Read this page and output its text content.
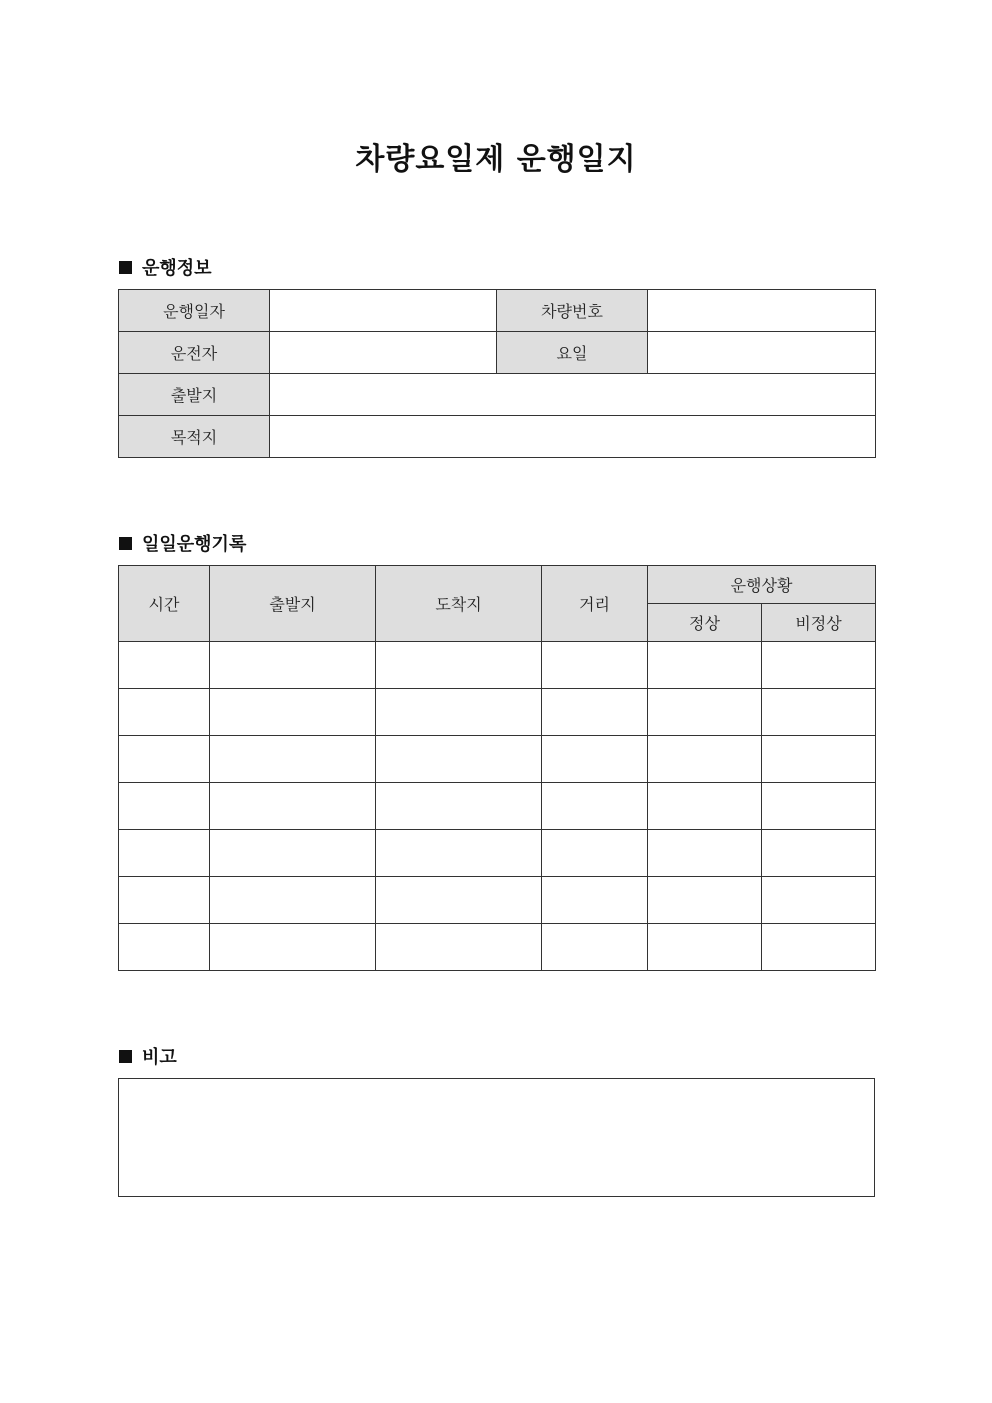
차량요일제 운행일지
운행정보
운행일자		차량번호	
운전자		요일	
출발지			
목적지			
일일운행기록
시간	출발지	도착지	거리	운행상황	
				정상	비정상

비고
